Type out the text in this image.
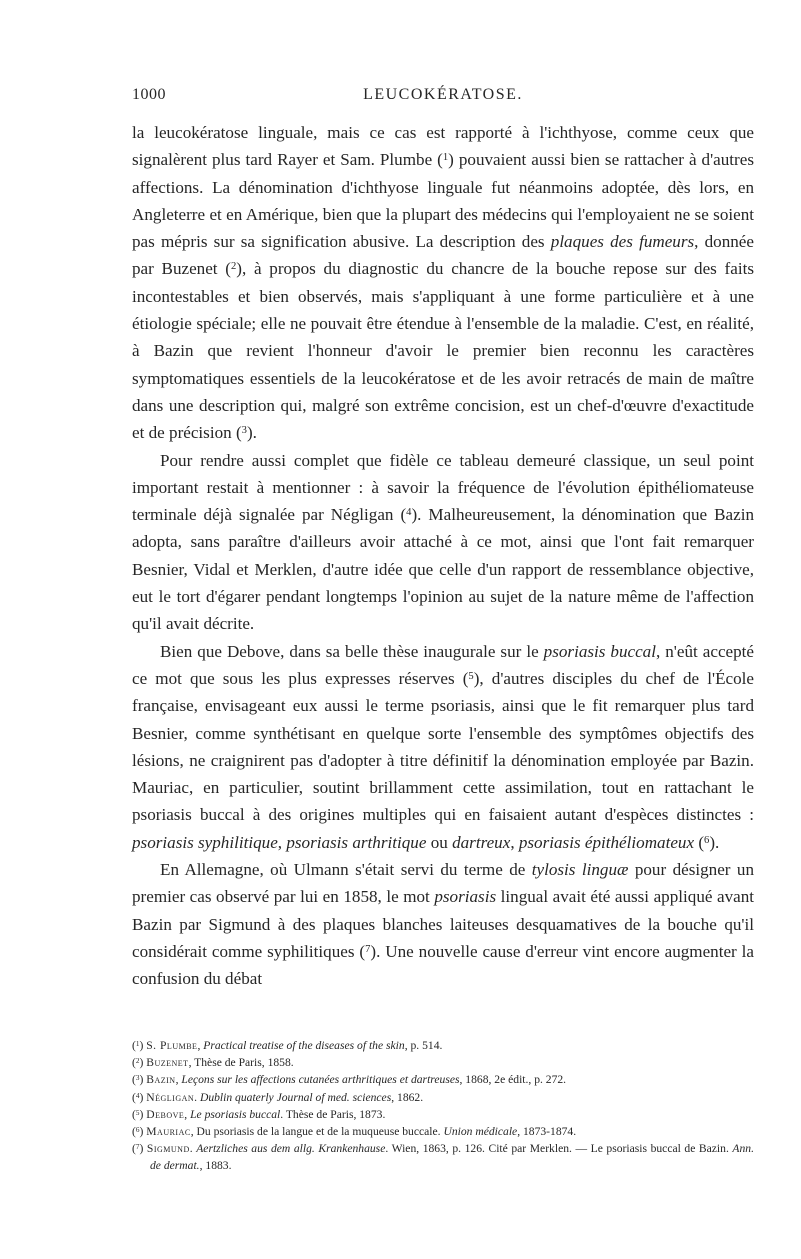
1000	LEUCOKÉRATOSE.

la leucokératose linguale, mais ce cas est rapporté à l'ichthyose, comme ceux que signalèrent plus tard Rayer et Sam. Plumbe ($^1$) pouvaient aussi bien se rattacher à d'autres affections. La dénomination d'ichthyose linguale fut néanmoins adoptée, dès lors, en Angleterre et en Amérique, bien que la plupart des médecins qui l'employaient ne se soient pas mépris sur sa signification abusive. La description des plaques des fumeurs, donnée par Buzenet ($^2$), à propos du diagnostic du chancre de la bouche repose sur des faits incontestables et bien observés, mais s'appliquant à une forme particulière et à une étiologie spéciale; elle ne pouvait être étendue à l'ensemble de la maladie. C'est, en réalité, à Bazin que revient l'honneur d'avoir le premier bien reconnu les caractères symptomatiques essentiels de la leucokératose et de les avoir retracés de main de maître dans une description qui, malgré son extrême concision, est un chef-d'œuvre d'exactitude et de précision ($^3$).

Pour rendre aussi complet que fidèle ce tableau demeuré classique, un seul point important restait à mentionner : à savoir la fréquence de l'évolution épithéliomateuse terminale déjà signalée par Négligan ($^4$). Malheureusement, la dénomination que Bazin adopta, sans paraître d'ailleurs avoir attaché à ce mot, ainsi que l'ont fait remarquer Besnier, Vidal et Merklen, d'autre idée que celle d'un rapport de ressemblance objective, eut le tort d'égarer pendant longtemps l'opinion au sujet de la nature même de l'affection qu'il avait décrite.

Bien que Debove, dans sa belle thèse inaugurale sur le psoriasis buccal, n'eût accepté ce mot que sous les plus expresses réserves ($^5$), d'autres disciples du chef de l'École française, envisageant eux aussi le terme psoriasis, ainsi que le fit remarquer plus tard Besnier, comme synthétisant en quelque sorte l'ensemble des symptômes objectifs des lésions, ne craignirent pas d'adopter à titre définitif la dénomination employée par Bazin. Mauriac, en particulier, soutint brillamment cette assimilation, tout en rattachant le psoriasis buccal à des origines multiples qui en faisaient autant d'espèces distinctes : psoriasis syphilitique, psoriasis arthritique ou dartreux, psoriasis épithéliomateux ($^6$).

En Allemagne, où Ulmann s'était servi du terme de tylosis linguæ pour désigner un premier cas observé par lui en 1858, le mot psoriasis lingual avait été aussi appliqué avant Bazin par Sigmund à des plaques blanches laiteuses desquamatives de la bouche qu'il considérait comme syphilitiques ($^7$). Une nouvelle cause d'erreur vint encore augmenter la confusion du débat

($^1$) S. Plumbe, Practical treatise of the diseases of the skin, p. 514.

($^2$) Buzenet, Thèse de Paris, 1858.

($^3$) Bazin, Leçons sur les affections cutanées arthritiques et dartreuses, 1868, 2e édit., p. 272.

($^4$) Négligan. Dublin quaterly Journal of med. sciences, 1862.

($^5$) Debove, Le psoriasis buccal. Thèse de Paris, 1873.

($^6$) Mauriac, Du psoriasis de la langue et de la muqueuse buccale. Union médicale, 1873-1874.

($^7$) Sigmund. Aertzliches aus dem allg. Krankenhause. Wien, 1863, p. 126. Cité par Merklen. — Le psoriasis buccal de Bazin. Ann. de dermat., 1883.
